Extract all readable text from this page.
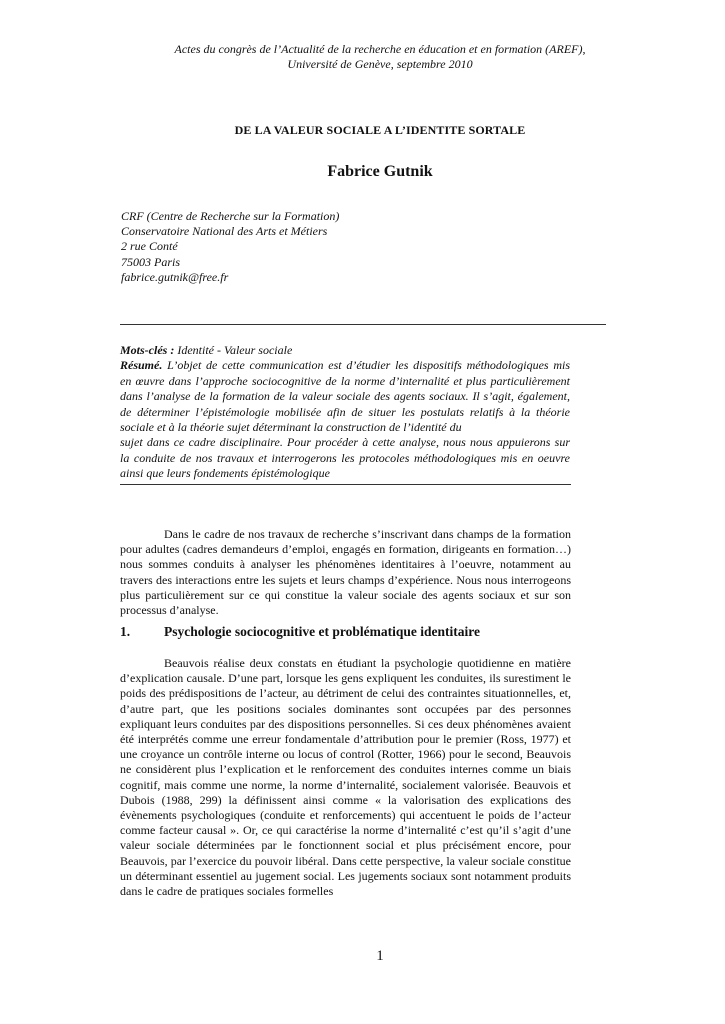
Actes du congrès de l’Actualité de la recherche en éducation et en formation (AREF),
Université de Genève, septembre 2010
DE LA VALEUR SOCIALE A L’IDENTITE SORTALE
Fabrice Gutnik
CRF (Centre de Recherche sur la Formation)
Conservatoire National des Arts et Métiers
2 rue Conté
75003 Paris
fabrice.gutnik@free.fr
Mots-clés : Identité - Valeur sociale
Résumé. L’objet de cette communication est d’étudier les dispositifs méthodologiques mis
en œuvre dans l’approche sociocognitive de la norme d’internalité et plus particulièrement
dans l’analyse de la formation de la valeur sociale des agents sociaux. Il s’agit, également,
de déterminer l’épistémologie mobilisée afin de situer les postulats relatifs à la théorie
sociale et à la théorie sujet déterminant la construction de l’identité du
sujet dans ce cadre disciplinaire. Pour procéder à cette analyse, nous nous appuierons sur
la conduite de nos travaux et interrogerons les protocoles méthodologiques mis en oeuvre
ainsi que leurs fondements épistémologique
Dans le cadre de nos travaux de recherche s’inscrivant dans champs de la formation pour adultes (cadres demandeurs d’emploi, engagés en formation, dirigeants en formation…) nous sommes conduits à analyser les phénomènes identitaires à l’oeuvre, notamment au travers des interactions entre les sujets et leurs champs d’expérience. Nous nous interrogeons plus particulièrement sur ce qui constitue la valeur sociale des agents sociaux et sur son processus d’analyse.
1.	Psychologie sociocognitive et problématique identitaire
Beauvois réalise deux constats en étudiant la psychologie quotidienne en matière d’explication causale. D’une part, lorsque les gens expliquent les conduites, ils surestiment le poids des prédispositions de l’acteur, au détriment de celui des contraintes situationnelles, et, d’autre part, que les positions sociales dominantes sont occupées par des personnes expliquant leurs conduites par des dispositions personnelles. Si ces deux phénomènes avaient été interprétés comme une erreur fondamentale d’attribution pour le premier (Ross, 1977) et une croyance un contrôle interne ou locus of control (Rotter, 1966) pour le second, Beauvois ne considèrent plus l’explication et le renforcement des conduites internes comme un biais cognitif, mais comme une norme, la norme d’internalité, socialement valorisée. Beauvois et Dubois (1988, 299) la définissent ainsi comme « la valorisation des explications des évènements psychologiques (conduite et renforcements) qui accentuent le poids de l’acteur comme facteur causal ». Or, ce qui caractérise la norme d’internalité c’est qu’il s’agit d’une valeur sociale déterminées par le fonctionnent social et plus précisément encore, pour Beauvois, par l’exercice du pouvoir libéral. Dans cette perspective, la valeur sociale constitue un déterminant essentiel au jugement social. Les jugements sociaux sont notamment produits dans le cadre de pratiques sociales formelles
1
